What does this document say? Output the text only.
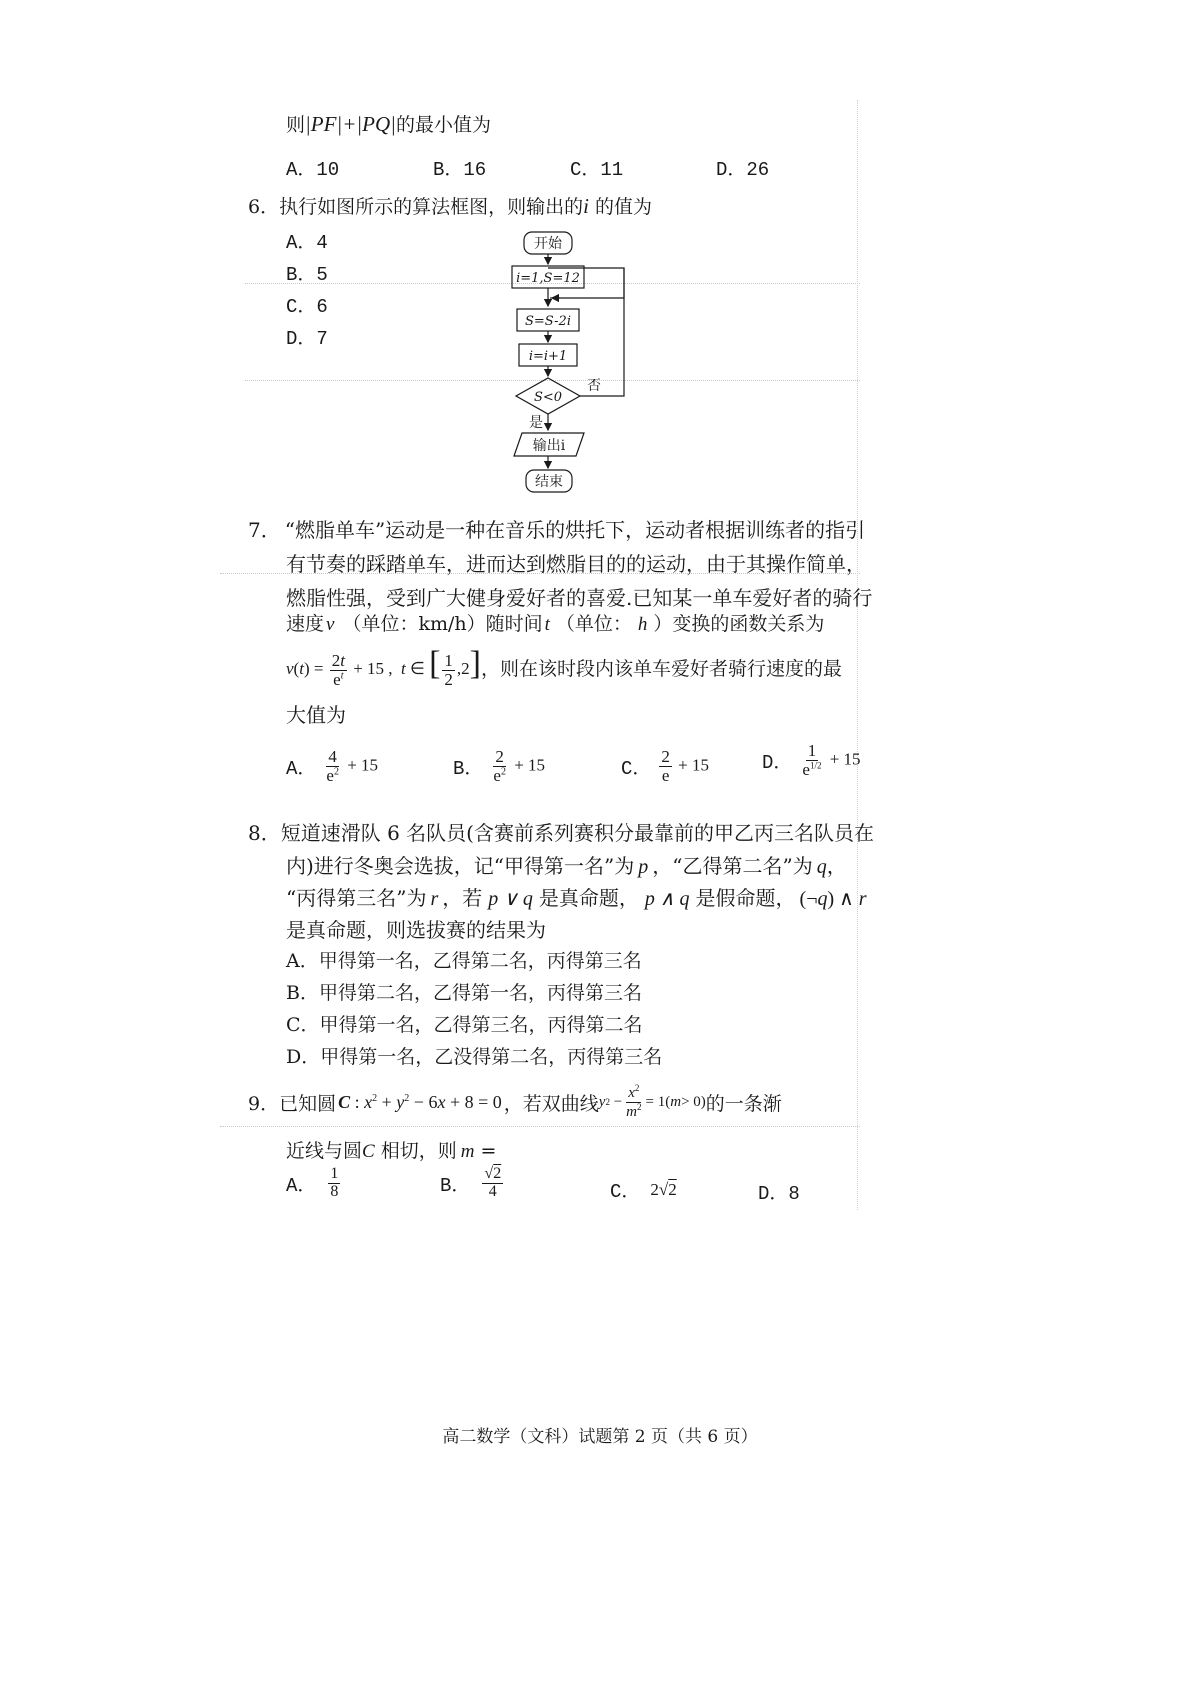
则|PF|+|PQ|的最小值为
A．10	B．16	C．11	D．26
6．执行如图所示的算法框图，则输出的i 的值为
A．4
B．5
C．6
D．7
开始
i=1,S=12
S=S-2i
i=i+1
S<0
否
是
输出i
结束
7． “燃脂单车”运动是一种在音乐的烘托下，运动者根据训练者的指引
有节奏的踩踏单车，进而达到燃脂目的的运动，由于其操作简单，
燃脂性强，受到广大健身爱好者的喜爱.已知某一单车爱好者的骑行
速度 v （单位：km/h）随时间 t （单位： h ）变换的函数关系为
$v(t) = \frac{2t}{e^t} + 15$ ,  t ∈ [ $\frac{1}{2} ,2$] ，则在该时段内该单车爱好者骑行速度的最
大值为
A． $\frac{4}{e^2} + 15$	B． $\frac{2}{e^2} + 15$	C． $\frac{2}{e} + 15$	D． $\frac{1}{e^{1/2}} + 15$
8．短道速滑队 6 名队员(含赛前系列赛积分最靠前的甲乙丙三名队员在
内)进行冬奥会选拔，记“甲得第一名”为 p ，“乙得第二名”为 q，
“丙得第三名”为 r ，若 p ∨ q 是真命题， p ∧ q 是假命题， (¬q) ∧ r
是真命题，则选拔赛的结果为
A．甲得第一名，乙得第二名，丙得第三名
B．甲得第二名，乙得第一名，丙得第三名
C．甲得第一名，乙得第三名，丙得第二名
D．甲得第一名，乙没得第二名，丙得第三名
9． 已知圆 C : $x^2 + y^2 - 6x + 8 = 0$ ，若双曲线 y $2 - \frac{x^2}{m^2} = 1$( m > 0) 的一条渐
近线与圆C 相切，则 m =
A． $\frac{1}{8}$	B． $\frac{√2}{4}$	C． 2√2	D．8
高二数学（文科）试题第 2 页（共 6 页）
